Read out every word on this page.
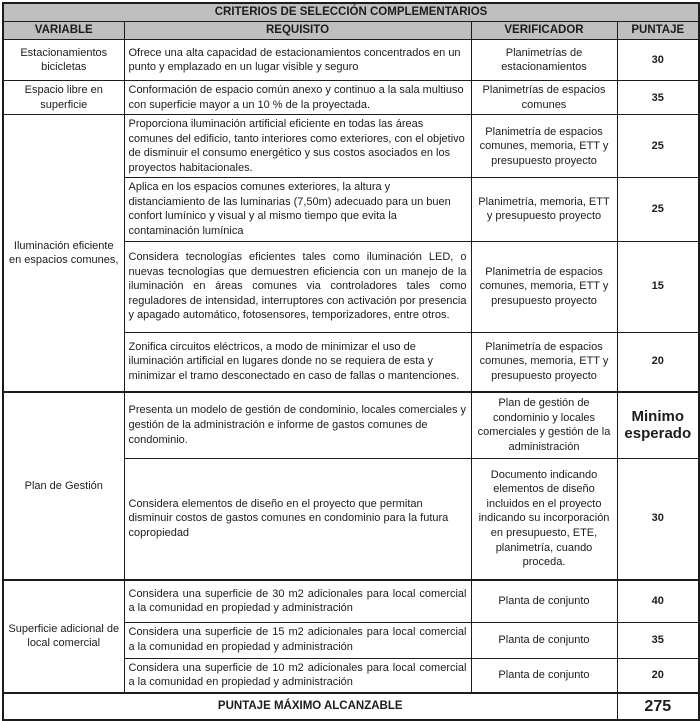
CRITERIOS DE SELECCIÓN COMPLEMENTARIOS			
VARIABLE	REQUISITO	VERIFICADOR	PUNTAJE
Estacionamientos bicicletas	Ofrece una alta capacidad de estacionamientos concentrados en un punto y emplazado en un lugar visible y seguro	Planimetrías de estacionamientos	30
Espacio libre en superficie	Conformación de espacio común anexo y continuo a la sala multiuso con superficie mayor a un 10 % de la proyectada.	Planimetrías de espacios comunes	35
Iluminación eficiente en espacios comunes,	Proporciona iluminación artificial eficiente en todas las áreas comunes del edificio, tanto interiores como exteriores, con el objetivo de disminuir el consumo energético y sus costos asociados en los proyectos habitacionales.	Planimetría de espacios comunes, memoria, ETT y presupuesto proyecto	25
	Aplica en los espacios comunes exteriores, la altura y distanciamiento de las luminarias (7,50m) adecuado para un buen confort lumínico y visual y al mismo tiempo que evita la contaminación lumínica	Planimetría, memoria, ETT y presupuesto proyecto	25
	Considera tecnologías eficientes tales como iluminación LED, o nuevas tecnologías que demuestren eficiencia con un manejo de la iluminación en áreas comunes via controladores tales como reguladores de intensidad, interruptores con activación por presencia y apagado automático, fotosensores, temporizadores, entre otros.	Planimetría de espacios comunes, memoria, ETT y presupuesto proyecto	15
	Zonifica circuitos eléctricos, a modo de minimizar el uso de iluminación artificial en lugares donde no se requiera de esta y minimizar el tramo desconectado en caso de fallas o mantenciones.	Planimetría de espacios comunes, memoria, ETT y presupuesto proyecto	20
Plan de Gestión	Presenta un modelo de gestión de condominio, locales comerciales y gestión de la administración e informe de gastos comunes de condominio.	Plan de gestión de condominio y locales comerciales y gestión de la administración	Minimo esperado
	Considera elementos de diseño en el proyecto que permitan disminuir costos de gastos comunes en condominio para la futura copropiedad	Documento indicando elementos de diseño incluidos en el proyecto indicando su incorporación en presupuesto, ETE, planimetría, cuando proceda.	30
Superficie adicional de local comercial	Considera una superficie de 30 m2 adicionales para local comercial a la comunidad en propiedad y administración	Planta de conjunto	40
	Considera una superficie de 15 m2 adicionales para local comercial a la comunidad en propiedad y administración	Planta de conjunto	35
	Considera una superficie de 10 m2 adicionales para local comercial a la comunidad en propiedad y administración	Planta de conjunto	20
PUNTAJE MÁXIMO ALCANZABLE			275
